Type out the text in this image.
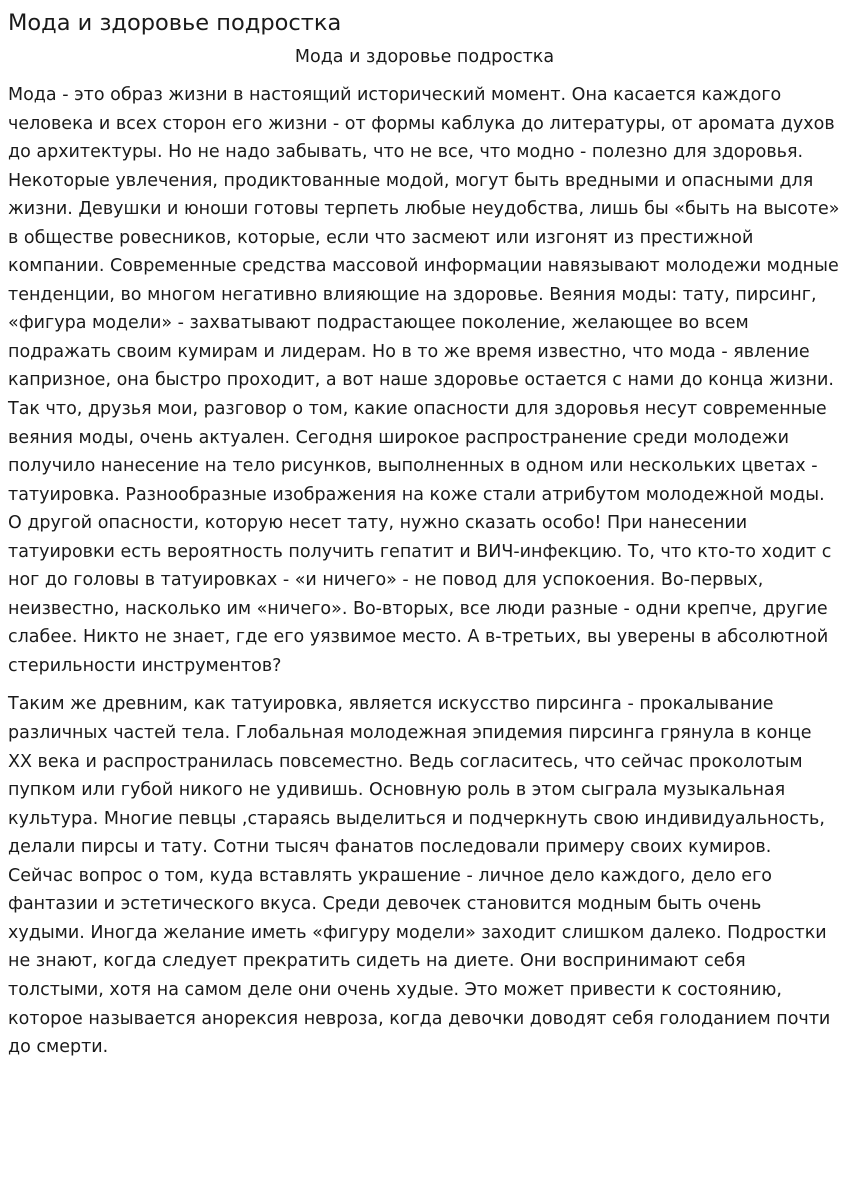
Мода и здоровье подростка
Мода и здоровье подростка

Мода - это образ жизни в настоящий исторический момент. Она касается каждого человека и всех сторон его жизни - от формы каблука до литературы, от аромата духов до архитектуры. Но не надо забывать, что не все, что модно - полезно для здоровья. Некоторые увлечения, продиктованные модой, могут быть вредными и опасными для жизни. Девушки и юноши готовы терпеть любые неудобства, лишь бы «быть на высоте» в обществе ровесников, которые, если что засмеют или изгонят из престижной компании. Современные средства массовой информации навязывают молодежи модные тенденции, во многом негативно влияющие на здоровье. Веяния моды: тату, пирсинг, «фигура модели» - захватывают подрастающее поколение, желающее во всем подражать своим кумирам и лидерам. Но в то же время известно, что мода - явление капризное, она быстро проходит, а вот наше здоровье остается с нами до конца жизни. Так что, друзья мои, разговор о том, какие опасности для здоровья несут современные веяния моды, очень актуален. Сегодня широкое распространение среди молодежи получило нанесение на тело рисунков, выполненных в одном или нескольких цветах - татуировка. Разнообразные изображения на коже стали атрибутом молодежной моды. О другой опасности, которую несет тату, нужно сказать особо! При нанесении татуировки есть вероятность получить гепатит и ВИЧ-инфекцию. То, что кто-то ходит с ног до головы в татуировках - «и ничего» - не повод для успокоения. Во-первых, неизвестно, насколько им «ничего». Во-вторых, все люди разные - одни крепче, другие слабее. Никто не знает, где его уязвимое место. А в-третьих, вы уверены в абсолютной стерильности инструментов?

Таким же древним, как татуировка, является искусство пирсинга - прокалывание различных частей тела. Глобальная молодежная эпидемия пирсинга грянула в конце XX века и распространилась повсеместно. Ведь согласитесь, что сейчас проколотым пупком или губой никого не удивишь. Основную роль в этом сыграла музыкальная культура. Многие певцы ,стараясь выделиться и подчеркнуть свою индивидуальность, делали пирсы и тату. Сотни тысяч фанатов последовали примеру своих кумиров. Сейчас вопрос о том, куда вставлять украшение - личное дело каждого, дело его фантазии и эстетического вкуса. Среди девочек становится модным быть очень худыми. Иногда желание иметь «фигуру модели» заходит слишком далеко. Подростки не знают, когда следует прекратить сидеть на диете. Они воспринимают себя толстыми, хотя на самом деле они очень худые. Это может привести к состоянию, которое называется анорексия невроза, когда девочки доводят себя голоданием почти до смерти.
